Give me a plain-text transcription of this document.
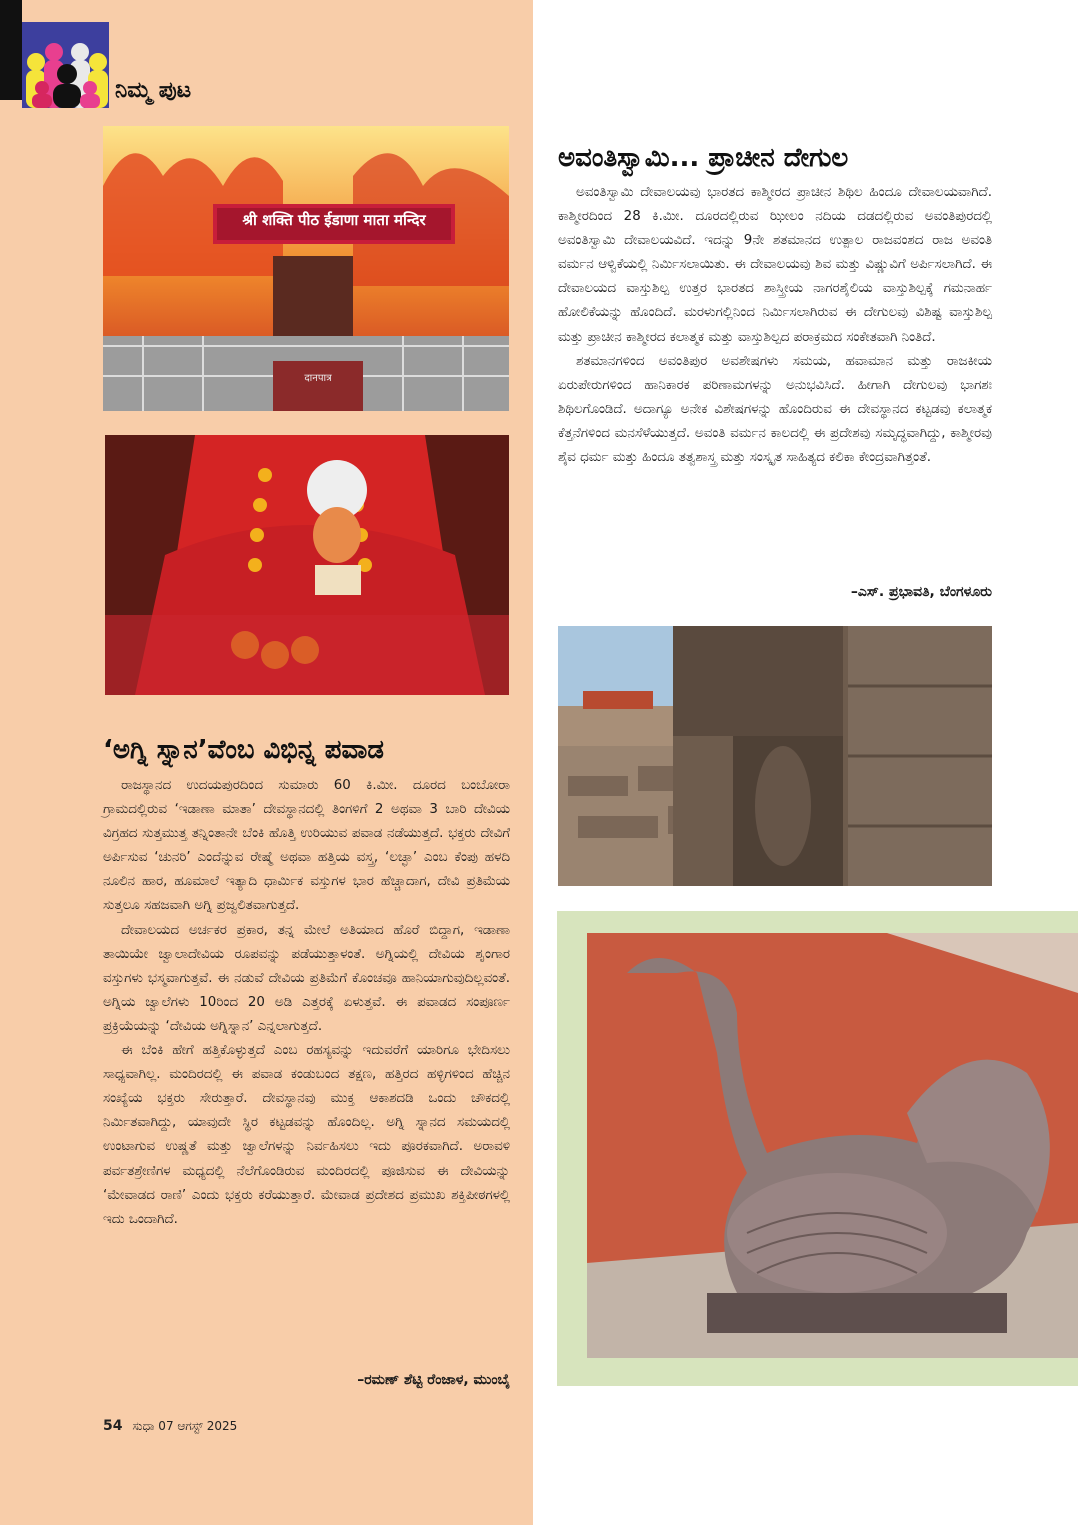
ನಿಮ್ಮ ಪುಟ
श्री शक्ति पीठ ईडाणा माता मन्दिर
दानपात्र
‘ಅಗ್ನಿ ಸ್ನಾನ’ವೆಂಬ ವಿಭಿನ್ನ ಪವಾಡ

ರಾಜಸ್ಥಾನದ ಉದಯಪುರದಿಂದ ಸುಮಾರು 60 ಕಿ.ಮೀ. ದೂರದ ಬಂಬೋರಾ ಗ್ರಾಮದಲ್ಲಿರುವ ‘ಇಡಾಣಾ ಮಾತಾ’ ದೇವಸ್ಥಾನದಲ್ಲಿ ತಿಂಗಳಿಗೆ 2 ಅಥವಾ 3 ಬಾರಿ ದೇವಿಯ ವಿಗ್ರಹದ ಸುತ್ತಮುತ್ತ ತನ್ನಿಂತಾನೇ ಬೆಂಕಿ ಹೊತ್ತಿ ಉರಿಯುವ ಪವಾಡ ನಡೆಯುತ್ತದೆ. ಭಕ್ತರು ದೇವಿಗೆ ಅರ್ಪಿಸುವ ‘ಚುನರಿ’ ಎಂದೆನ್ನುವ ರೇಷ್ಮೆ ಅಥವಾ ಹತ್ತಿಯ ವಸ್ತ್ರ, ‘ಲಚ್ಛಾ’ ಎಂಬ ಕೆಂಪು ಹಳದಿ ನೂಲಿನ ಹಾರ, ಹೂಮಾಲೆ ಇತ್ಯಾದಿ ಧಾರ್ಮಿಕ ವಸ್ತುಗಳ ಭಾರ ಹೆಚ್ಚಾದಾಗ, ದೇವಿ ಪ್ರತಿಮೆಯ ಸುತ್ತಲೂ ಸಹಜವಾಗಿ ಅಗ್ನಿ ಪ್ರಜ್ವಲಿತವಾಗುತ್ತದೆ.

ದೇವಾಲಯದ ಅರ್ಚಕರ ಪ್ರಕಾರ, ತನ್ನ ಮೇಲೆ ಅತಿಯಾದ ಹೊರೆ ಬಿದ್ದಾಗ, ಇಡಾಣಾ ತಾಯಿಯೇ ಜ್ವಾಲಾದೇವಿಯ ರೂಪವನ್ನು ಪಡೆಯುತ್ತಾಳಂತೆ. ಅಗ್ನಿಯಲ್ಲಿ ದೇವಿಯ ಶೃಂಗಾರ ವಸ್ತುಗಳು ಭಸ್ಮವಾಗುತ್ತವೆ. ಈ ನಡುವೆ ದೇವಿಯ ಪ್ರತಿಮೆಗೆ ಕೊಂಚವೂ ಹಾನಿಯಾಗುವುದಿಲ್ಲವಂತೆ. ಅಗ್ನಿಯ ಜ್ವಾಲೆಗಳು 10ರಿಂದ 20 ಅಡಿ ಎತ್ತರಕ್ಕೆ ಏಳುತ್ತವೆ. ಈ ಪವಾಡದ ಸಂಪೂರ್ಣ ಪ್ರಕ್ರಿಯೆಯನ್ನು ‘ದೇವಿಯ ಅಗ್ನಿಸ್ನಾನ’ ಎನ್ನಲಾಗುತ್ತದೆ.

ಈ ಬೆಂಕಿ ಹೇಗೆ ಹತ್ತಿಕೊಳ್ಳುತ್ತದೆ ಎಂಬ ರಹಸ್ಯವನ್ನು ಇದುವರೆಗೆ ಯಾರಿಗೂ ಭೇದಿಸಲು ಸಾಧ್ಯವಾಗಿಲ್ಲ. ಮಂದಿರದಲ್ಲಿ ಈ ಪವಾಡ ಕಂಡುಬಂದ ತಕ್ಷಣ, ಹತ್ತಿರದ ಹಳ್ಳಿಗಳಿಂದ ಹೆಚ್ಚಿನ ಸಂಖ್ಯೆಯ ಭಕ್ತರು ಸೇರುತ್ತಾರೆ. ದೇವಸ್ಥಾನವು ಮುಕ್ತ ಆಕಾಶದಡಿ ಒಂದು ಚೌಕದಲ್ಲಿ ನಿರ್ಮಿತವಾಗಿದ್ದು, ಯಾವುದೇ ಸ್ಥಿರ ಕಟ್ಟಡವನ್ನು ಹೊಂದಿಲ್ಲ. ಅಗ್ನಿ ಸ್ನಾನದ ಸಮಯದಲ್ಲಿ ಉಂಟಾಗುವ ಉಷ್ಣತೆ ಮತ್ತು ಜ್ವಾಲೆಗಳನ್ನು ನಿರ್ವಹಿಸಲು ಇದು ಪೂರಕವಾಗಿದೆ. ಅರಾವಳಿ ಪರ್ವತಶ್ರೇಣಿಗಳ ಮಧ್ಯದಲ್ಲಿ ನೆಲೆಗೊಂಡಿರುವ ಮಂದಿರದಲ್ಲಿ ಪೂಜಿಸುವ ಈ ದೇವಿಯನ್ನು ‘ಮೇವಾಡದ ರಾಣಿ’ ಎಂದು ಭಕ್ತರು ಕರೆಯುತ್ತಾರೆ. ಮೇವಾಡ ಪ್ರದೇಶದ ಪ್ರಮುಖ ಶಕ್ತಿಪೀಠಗಳಲ್ಲಿ ಇದು ಒಂದಾಗಿದೆ.

–ರಮಣ್ ಶೆಟ್ಟಿ ರೆಂಜಾಳ, ಮುಂಬೈ
ಅವಂತಿಸ್ವಾಮಿ... ಪ್ರಾಚೀನ ದೇಗುಲ

ಅವಂತಿಸ್ವಾಮಿ ದೇವಾಲಯವು ಭಾರತದ ಕಾಶ್ಮೀರದ ಪ್ರಾಚೀನ ಶಿಥಿಲ ಹಿಂದೂ ದೇವಾಲಯವಾಗಿದೆ. ಕಾಶ್ಮೀರದಿಂದ 28 ಕಿ.ಮೀ. ದೂರದಲ್ಲಿರುವ ಝೀಲಂ ನದಿಯ ದಡದಲ್ಲಿರುವ ಅವಂತಿಪುರದಲ್ಲಿ ಅವಂತಿಸ್ವಾಮಿ ದೇವಾಲಯವಿದೆ. ಇದನ್ನು 9ನೇ ಶತಮಾನದ ಉತ್ಪಾಲ ರಾಜವಂಶದ ರಾಜ ಅವಂತಿ ವರ್ಮನ ಆಳ್ವಿಕೆಯಲ್ಲಿ ನಿರ್ಮಿಸಲಾಯಿತು. ಈ ದೇವಾಲಯವು ಶಿವ ಮತ್ತು ವಿಷ್ಣುವಿಗೆ ಅರ್ಪಿಸಲಾಗಿದೆ. ಈ ದೇವಾಲಯದ ವಾಸ್ತುಶಿಲ್ಪ ಉತ್ತರ ಭಾರತದ ಶಾಸ್ತ್ರೀಯ ನಾಗರಶೈಲಿಯ ವಾಸ್ತುಶಿಲ್ಪಕ್ಕೆ ಗಮನಾರ್ಹ ಹೋಲಿಕೆಯನ್ನು ಹೊಂದಿದೆ. ಮರಳುಗಲ್ಲಿನಿಂದ ನಿರ್ಮಿಸಲಾಗಿರುವ ಈ ದೇಗುಲವು ವಿಶಿಷ್ಟ ವಾಸ್ತುಶಿಲ್ಪ ಮತ್ತು ಪ್ರಾಚೀನ ಕಾಶ್ಮೀರದ ಕಲಾತ್ಮಕ ಮತ್ತು ವಾಸ್ತುಶಿಲ್ಪದ ಪರಾಕ್ರಮದ ಸಂಕೇತವಾಗಿ ನಿಂತಿದೆ.

ಶತಮಾನಗಳಿಂದ ಅವಂತಿಪುರ ಅವಶೇಷಗಳು ಸಮಯ, ಹವಾಮಾನ ಮತ್ತು ರಾಜಕೀಯ ಏರುಪೇರುಗಳಿಂದ ಹಾನಿಕಾರಕ ಪರಿಣಾಮಗಳನ್ನು ಅನುಭವಿಸಿದೆ. ಹೀಗಾಗಿ ದೇಗುಲವು ಭಾಗಶಃ ಶಿಥಿಲಗೊಂಡಿದೆ. ಅದಾಗ್ಯೂ ಅನೇಕ ವಿಶೇಷಗಳನ್ನು ಹೊಂದಿರುವ ಈ ದೇವಸ್ಥಾನದ ಕಟ್ಟಡವು ಕಲಾತ್ಮಕ ಕೆತ್ತನೆಗಳಿಂದ ಮನಸೆಳೆಯುತ್ತದೆ. ಅವಂತಿ ವರ್ಮನ ಕಾಲದಲ್ಲಿ ಈ ಪ್ರದೇಶವು ಸಮೃದ್ಧವಾಗಿದ್ದು, ಕಾಶ್ಮೀರವು ಶೈವ ಧರ್ಮ ಮತ್ತು ಹಿಂದೂ ತತ್ವಶಾಸ್ತ್ರ ಮತ್ತು ಸಂಸ್ಕೃತ ಸಾಹಿತ್ಯದ ಕಲಿಕಾ ಕೇಂದ್ರವಾಗಿತ್ತಂತೆ.

–ಎಸ್. ಪ್ರಭಾವತಿ, ಬೆಂಗಳೂರು
54 ಸುಧಾ 07 ಆಗಸ್ಟ್ 2025
